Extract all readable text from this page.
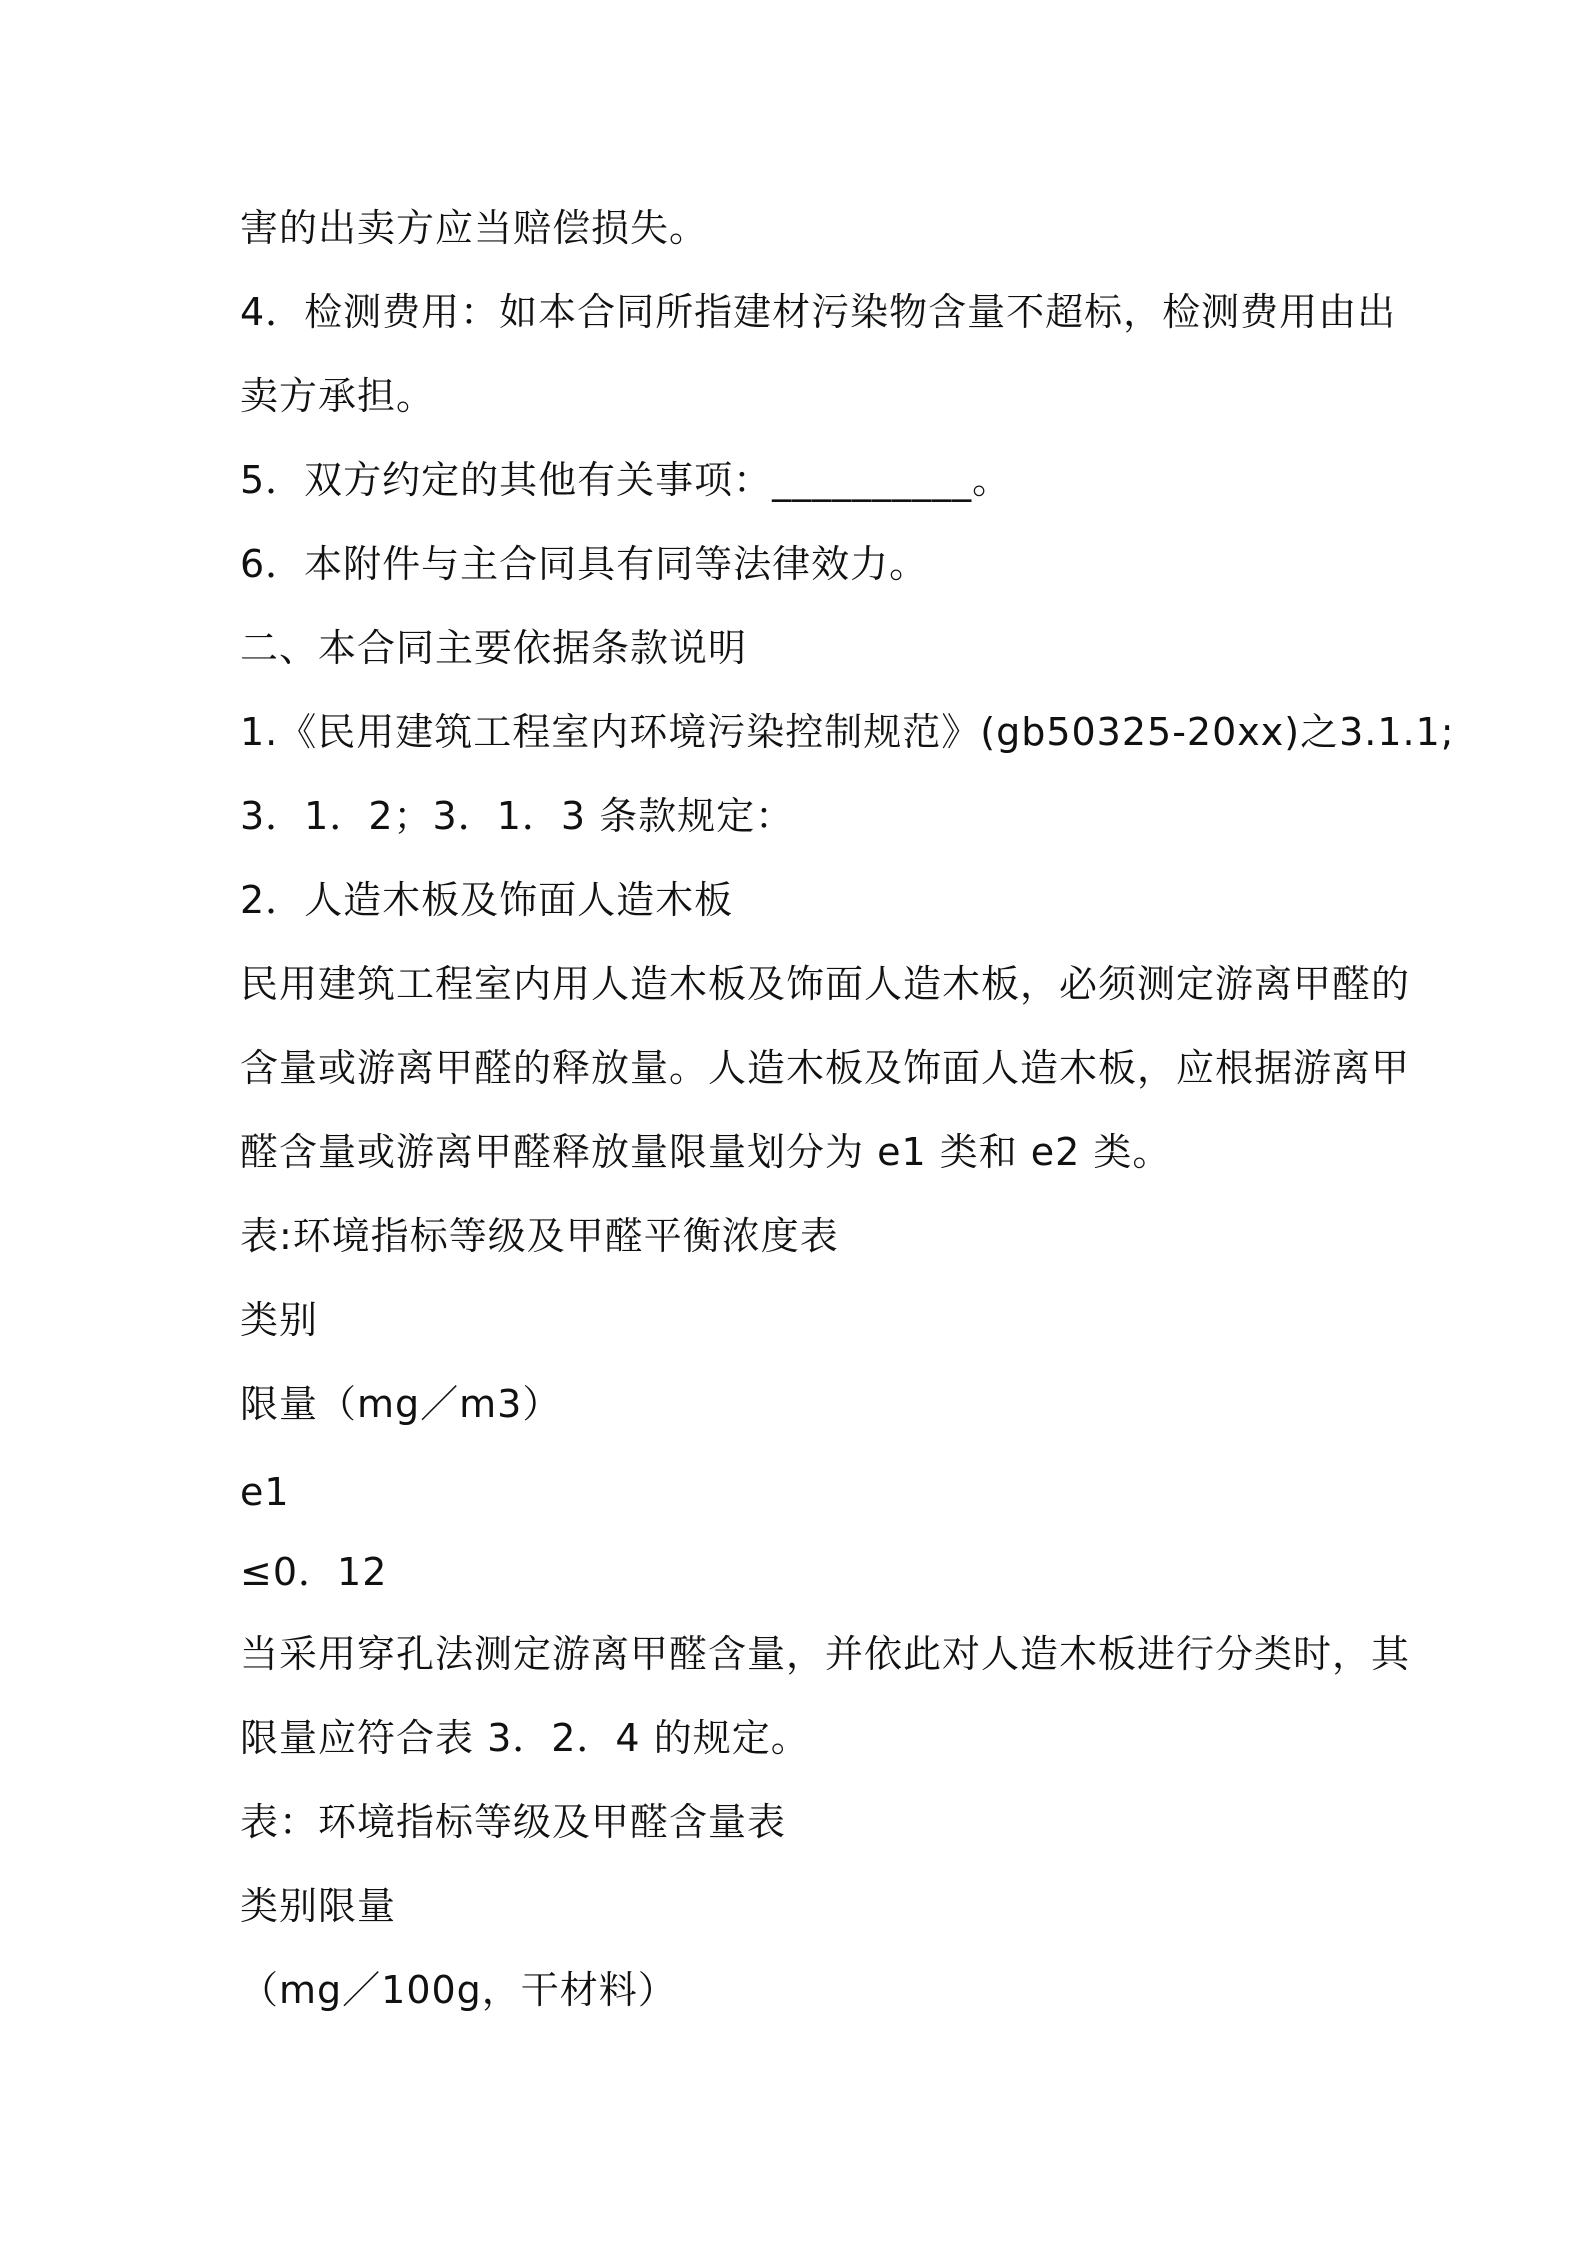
害的出卖方应当赔偿损失。

4．检测费用：如本合同所指建材污染物含量不超标，检测费用由出

卖方承担。

5．双方约定的其他有关事项：__________。

6．本附件与主合同具有同等法律效力。

二、本合同主要依据条款说明

1.《民用建筑工程室内环境污染控制规范》(gb50325-20xx)之3.1.1;

3．1．2；3．1．3 条款规定：

2．人造木板及饰面人造木板

民用建筑工程室内用人造木板及饰面人造木板，必须测定游离甲醛的

含量或游离甲醛的释放量。人造木板及饰面人造木板，应根据游离甲

醛含量或游离甲醛释放量限量划分为 e1 类和 e2 类。

表:环境指标等级及甲醛平衡浓度表

类别

限量（mg／m3）

e1

≤0．12

当采用穿孔法测定游离甲醛含量，并依此对人造木板进行分类时，其

限量应符合表 3．2．4 的规定。

表：环境指标等级及甲醛含量表

类别限量

（mg／100g，干材料）
